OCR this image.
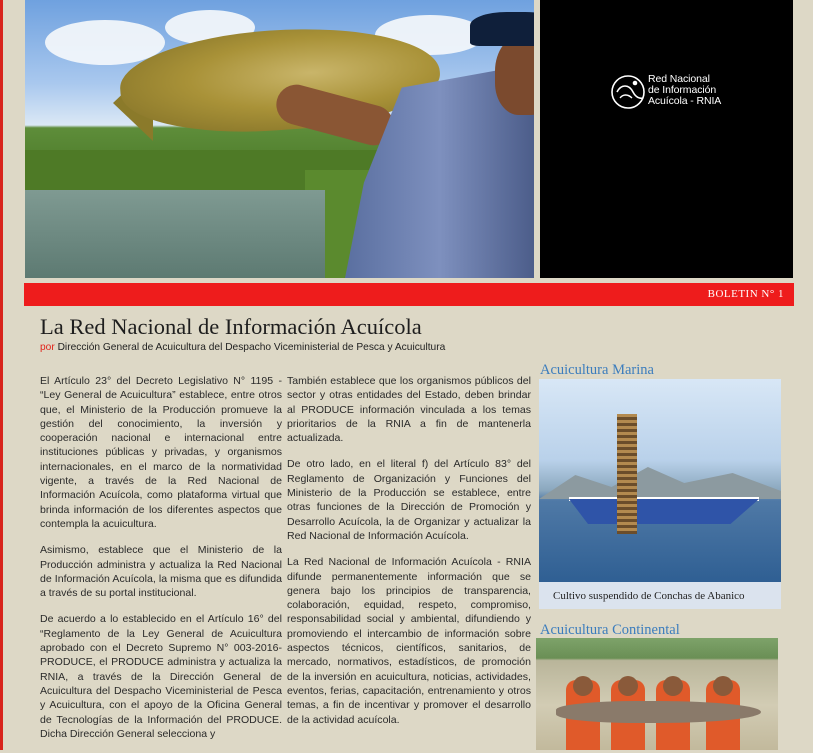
Red Nacional
de Información
Acuícola - RNIA
BOLETIN N° 1
La Red Nacional de Información Acuícola
por Dirección General de Acuicultura del Despacho Viceministerial de Pesca y Acuicultura

El Artículo 23° del Decreto Legislativo N° 1195 - “Ley General de Acuicultura” establece, entre otros que, el Ministerio de la Producción promueve la gestión del conocimiento, la inversión y cooperación nacional e internacional entre instituciones públicas y privadas, y organismos internacionales, en el marco de la normatividad vigente, a través de la Red Nacional de Información Acuícola, como plataforma virtual que brinda información de los diferentes aspectos que contempla la acuicultura.

Asimismo, establece que el Ministerio de la Producción administra y actualiza la Red Nacional de Información Acuícola, la misma que es difundida a través de su portal institucional.

De acuerdo a lo establecido en el Artículo 16° del “Reglamento de la Ley General de Acuicultura aprobado con el Decreto Supremo N° 003-2016-PRODUCE, el PRODUCE administra y actualiza la RNIA, a través de la Dirección General de Acuicultura del Despacho Viceministerial de Pesca y Acuicultura, con el apoyo de la Oficina General de Tecnologías de la Información del PRODUCE. Dicha Dirección General selecciona y

También establece que los organismos públicos del sector y otras entidades del Estado, deben brindar al PRODUCE información vinculada a los temas prioritarios de la RNIA a fin de mantenerla actualizada.

De otro lado, en el literal f) del Artículo 83° del Reglamento de Organización y Funciones del Ministerio de la Producción se establece, entre otras funciones de la Dirección de Promoción y Desarrollo Acuícola, la de Organizar y actualizar la Red Nacional de Información Acuícola.

La Red Nacional de Información Acuícola - RNIA difunde permanentemente información que se genera bajo los principios de transparencia, colaboración, equidad, respeto, compromiso, responsabilidad social y ambiental, difundiendo y promoviendo el intercambio de información sobre aspectos técnicos, científicos, sanitarios, de mercado, normativos, estadísticos, de promoción de la inversión en acuicultura, noticias, actividades, eventos, ferias, capacitación, entrenamiento y otros temas, a fin de incentivar y promover el desarrollo de la actividad acuícola.

Acuicultura Marina
Cultivo suspendido de Conchas de Abanico
Acuicultura Continental
